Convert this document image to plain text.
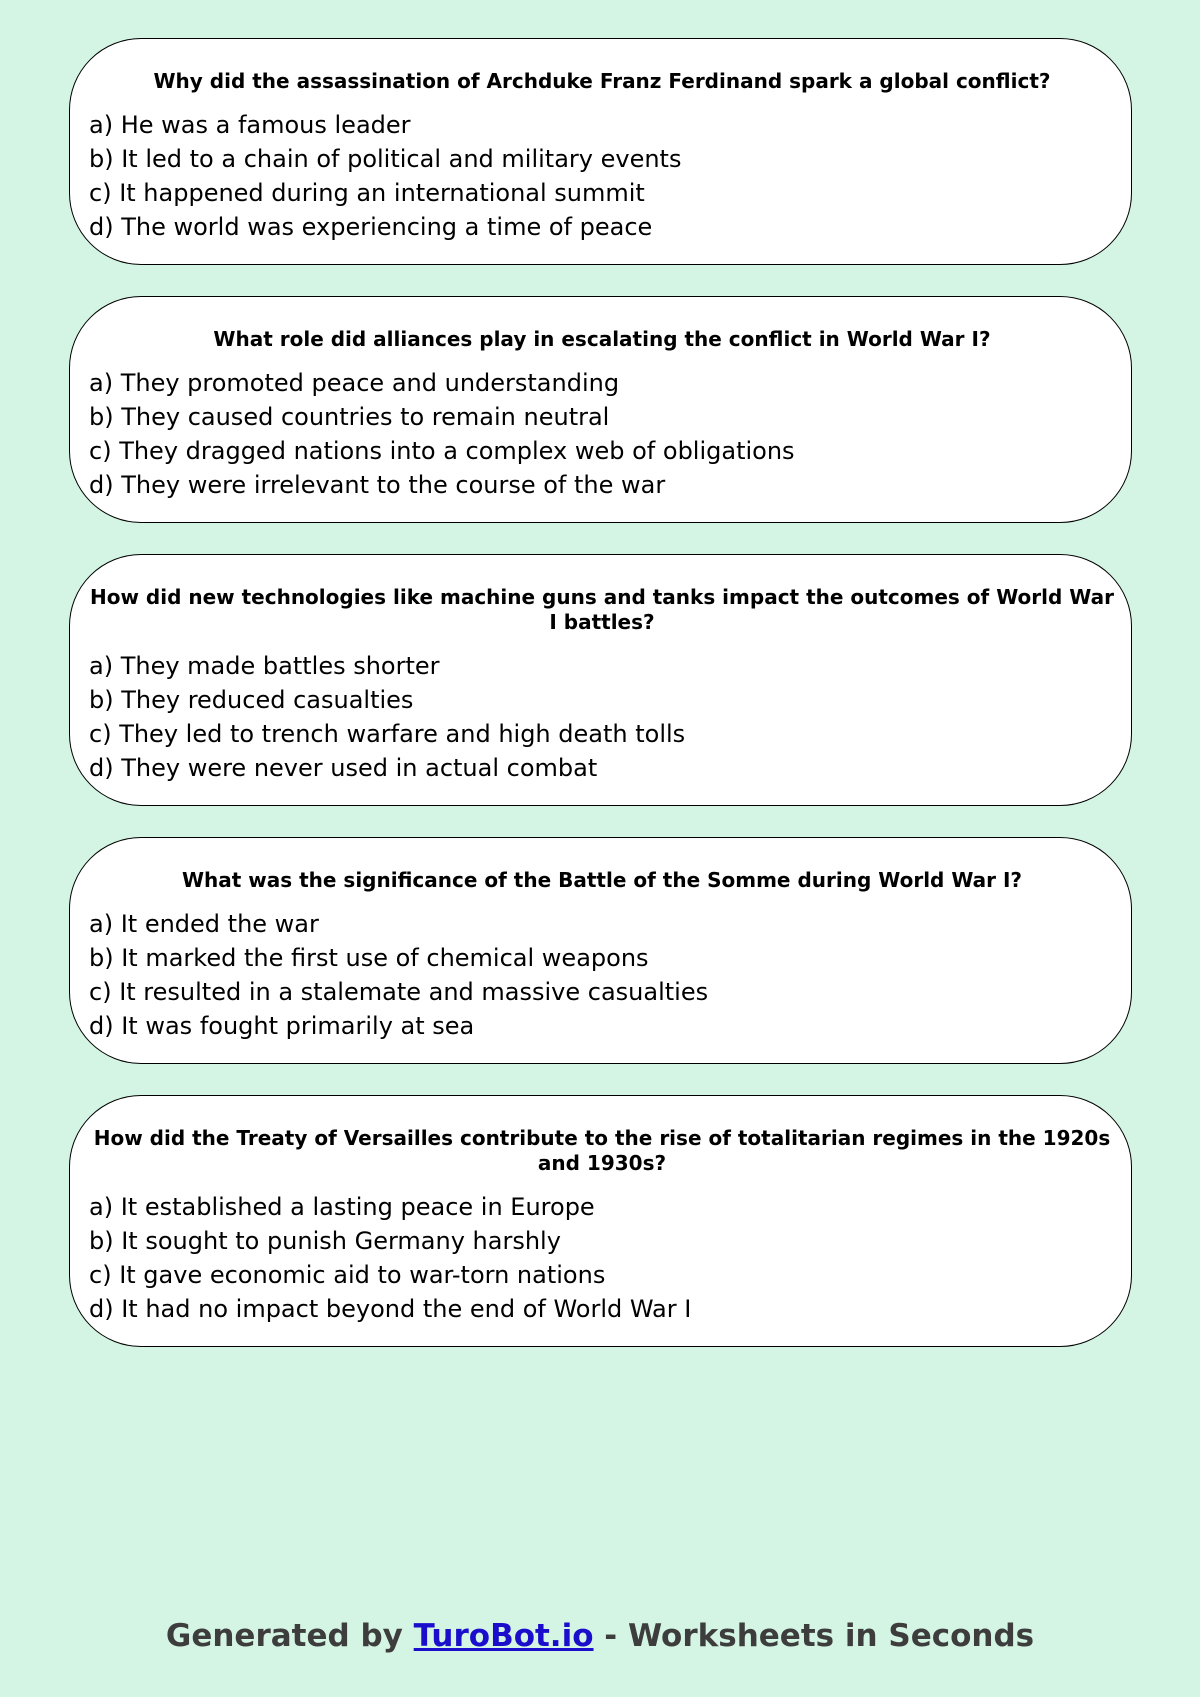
Why did the assassination of Archduke Franz Ferdinand spark a global conflict?
a) He was a famous leader
b) It led to a chain of political and military events
c) It happened during an international summit
d) The world was experiencing a time of peace
What role did alliances play in escalating the conflict in World War I?
a) They promoted peace and understanding
b) They caused countries to remain neutral
c) They dragged nations into a complex web of obligations
d) They were irrelevant to the course of the war
How did new technologies like machine guns and tanks impact the outcomes of World War I battles?
a) They made battles shorter
b) They reduced casualties
c) They led to trench warfare and high death tolls
d) They were never used in actual combat
What was the significance of the Battle of the Somme during World War I?
a) It ended the war
b) It marked the first use of chemical weapons
c) It resulted in a stalemate and massive casualties
d) It was fought primarily at sea
How did the Treaty of Versailles contribute to the rise of totalitarian regimes in the 1920s and 1930s?
a) It established a lasting peace in Europe
b) It sought to punish Germany harshly
c) It gave economic aid to war-torn nations
d) It had no impact beyond the end of World War I
Generated by TuroBot.io - Worksheets in Seconds
